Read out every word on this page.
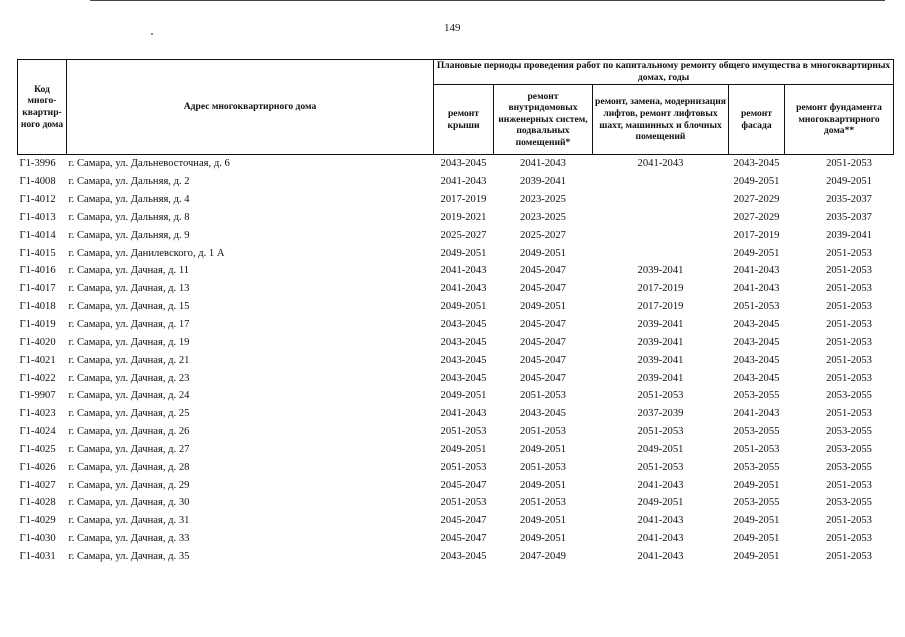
149
Код много-квартир-ного дома	Адрес многоквартирного дома	Плановые периоды проведения работ по капитальному ремонту общего имущества в многоквартирных домах, годы				
		ремонт крыши	ремонт внутридомовых инженерных систем, подвальных помещений*	ремонт, замена, модернизация лифтов, ремонт лифтовых шахт, машинных и блочных помещений	ремонт фасада	ремонт фундамента многоквартирного дома**
Г1-3996	г. Самара, ул. Дальневосточная, д. 6	2043-2045	2041-2043	2041-2043	2043-2045	2051-2053
Г1-4008	г. Самара, ул. Дальняя, д. 2	2041-2043	2039-2041		2049-2051	2049-2051
Г1-4012	г. Самара, ул. Дальняя, д. 4	2017-2019	2023-2025		2027-2029	2035-2037
Г1-4013	г. Самара, ул. Дальняя, д. 8	2019-2021	2023-2025		2027-2029	2035-2037
Г1-4014	г. Самара, ул. Дальняя, д. 9	2025-2027	2025-2027		2017-2019	2039-2041
Г1-4015	г. Самара, ул. Данилевского, д. 1 А	2049-2051	2049-2051		2049-2051	2051-2053
Г1-4016	г. Самара, ул. Дачная, д. 11	2041-2043	2045-2047	2039-2041	2041-2043	2051-2053
Г1-4017	г. Самара, ул. Дачная, д. 13	2041-2043	2045-2047	2017-2019	2041-2043	2051-2053
Г1-4018	г. Самара, ул. Дачная, д. 15	2049-2051	2049-2051	2017-2019	2051-2053	2051-2053
Г1-4019	г. Самара, ул. Дачная, д. 17	2043-2045	2045-2047	2039-2041	2043-2045	2051-2053
Г1-4020	г. Самара, ул. Дачная, д. 19	2043-2045	2045-2047	2039-2041	2043-2045	2051-2053
Г1-4021	г. Самара, ул. Дачная, д. 21	2043-2045	2045-2047	2039-2041	2043-2045	2051-2053
Г1-4022	г. Самара, ул. Дачная, д. 23	2043-2045	2045-2047	2039-2041	2043-2045	2051-2053
Г1-9907	г. Самара, ул. Дачная, д. 24	2049-2051	2051-2053	2051-2053	2053-2055	2053-2055
Г1-4023	г. Самара, ул. Дачная, д. 25	2041-2043	2043-2045	2037-2039	2041-2043	2051-2053
Г1-4024	г. Самара, ул. Дачная, д. 26	2051-2053	2051-2053	2051-2053	2053-2055	2053-2055
Г1-4025	г. Самара, ул. Дачная, д. 27	2049-2051	2049-2051	2049-2051	2051-2053	2053-2055
Г1-4026	г. Самара, ул. Дачная, д. 28	2051-2053	2051-2053	2051-2053	2053-2055	2053-2055
Г1-4027	г. Самара, ул. Дачная, д. 29	2045-2047	2049-2051	2041-2043	2049-2051	2051-2053
Г1-4028	г. Самара, ул. Дачная, д. 30	2051-2053	2051-2053	2049-2051	2053-2055	2053-2055
Г1-4029	г. Самара, ул. Дачная, д. 31	2045-2047	2049-2051	2041-2043	2049-2051	2051-2053
Г1-4030	г. Самара, ул. Дачная, д. 33	2045-2047	2049-2051	2041-2043	2049-2051	2051-2053
Г1-4031	г. Самара, ул. Дачная, д. 35	2043-2045	2047-2049	2041-2043	2049-2051	2051-2053
